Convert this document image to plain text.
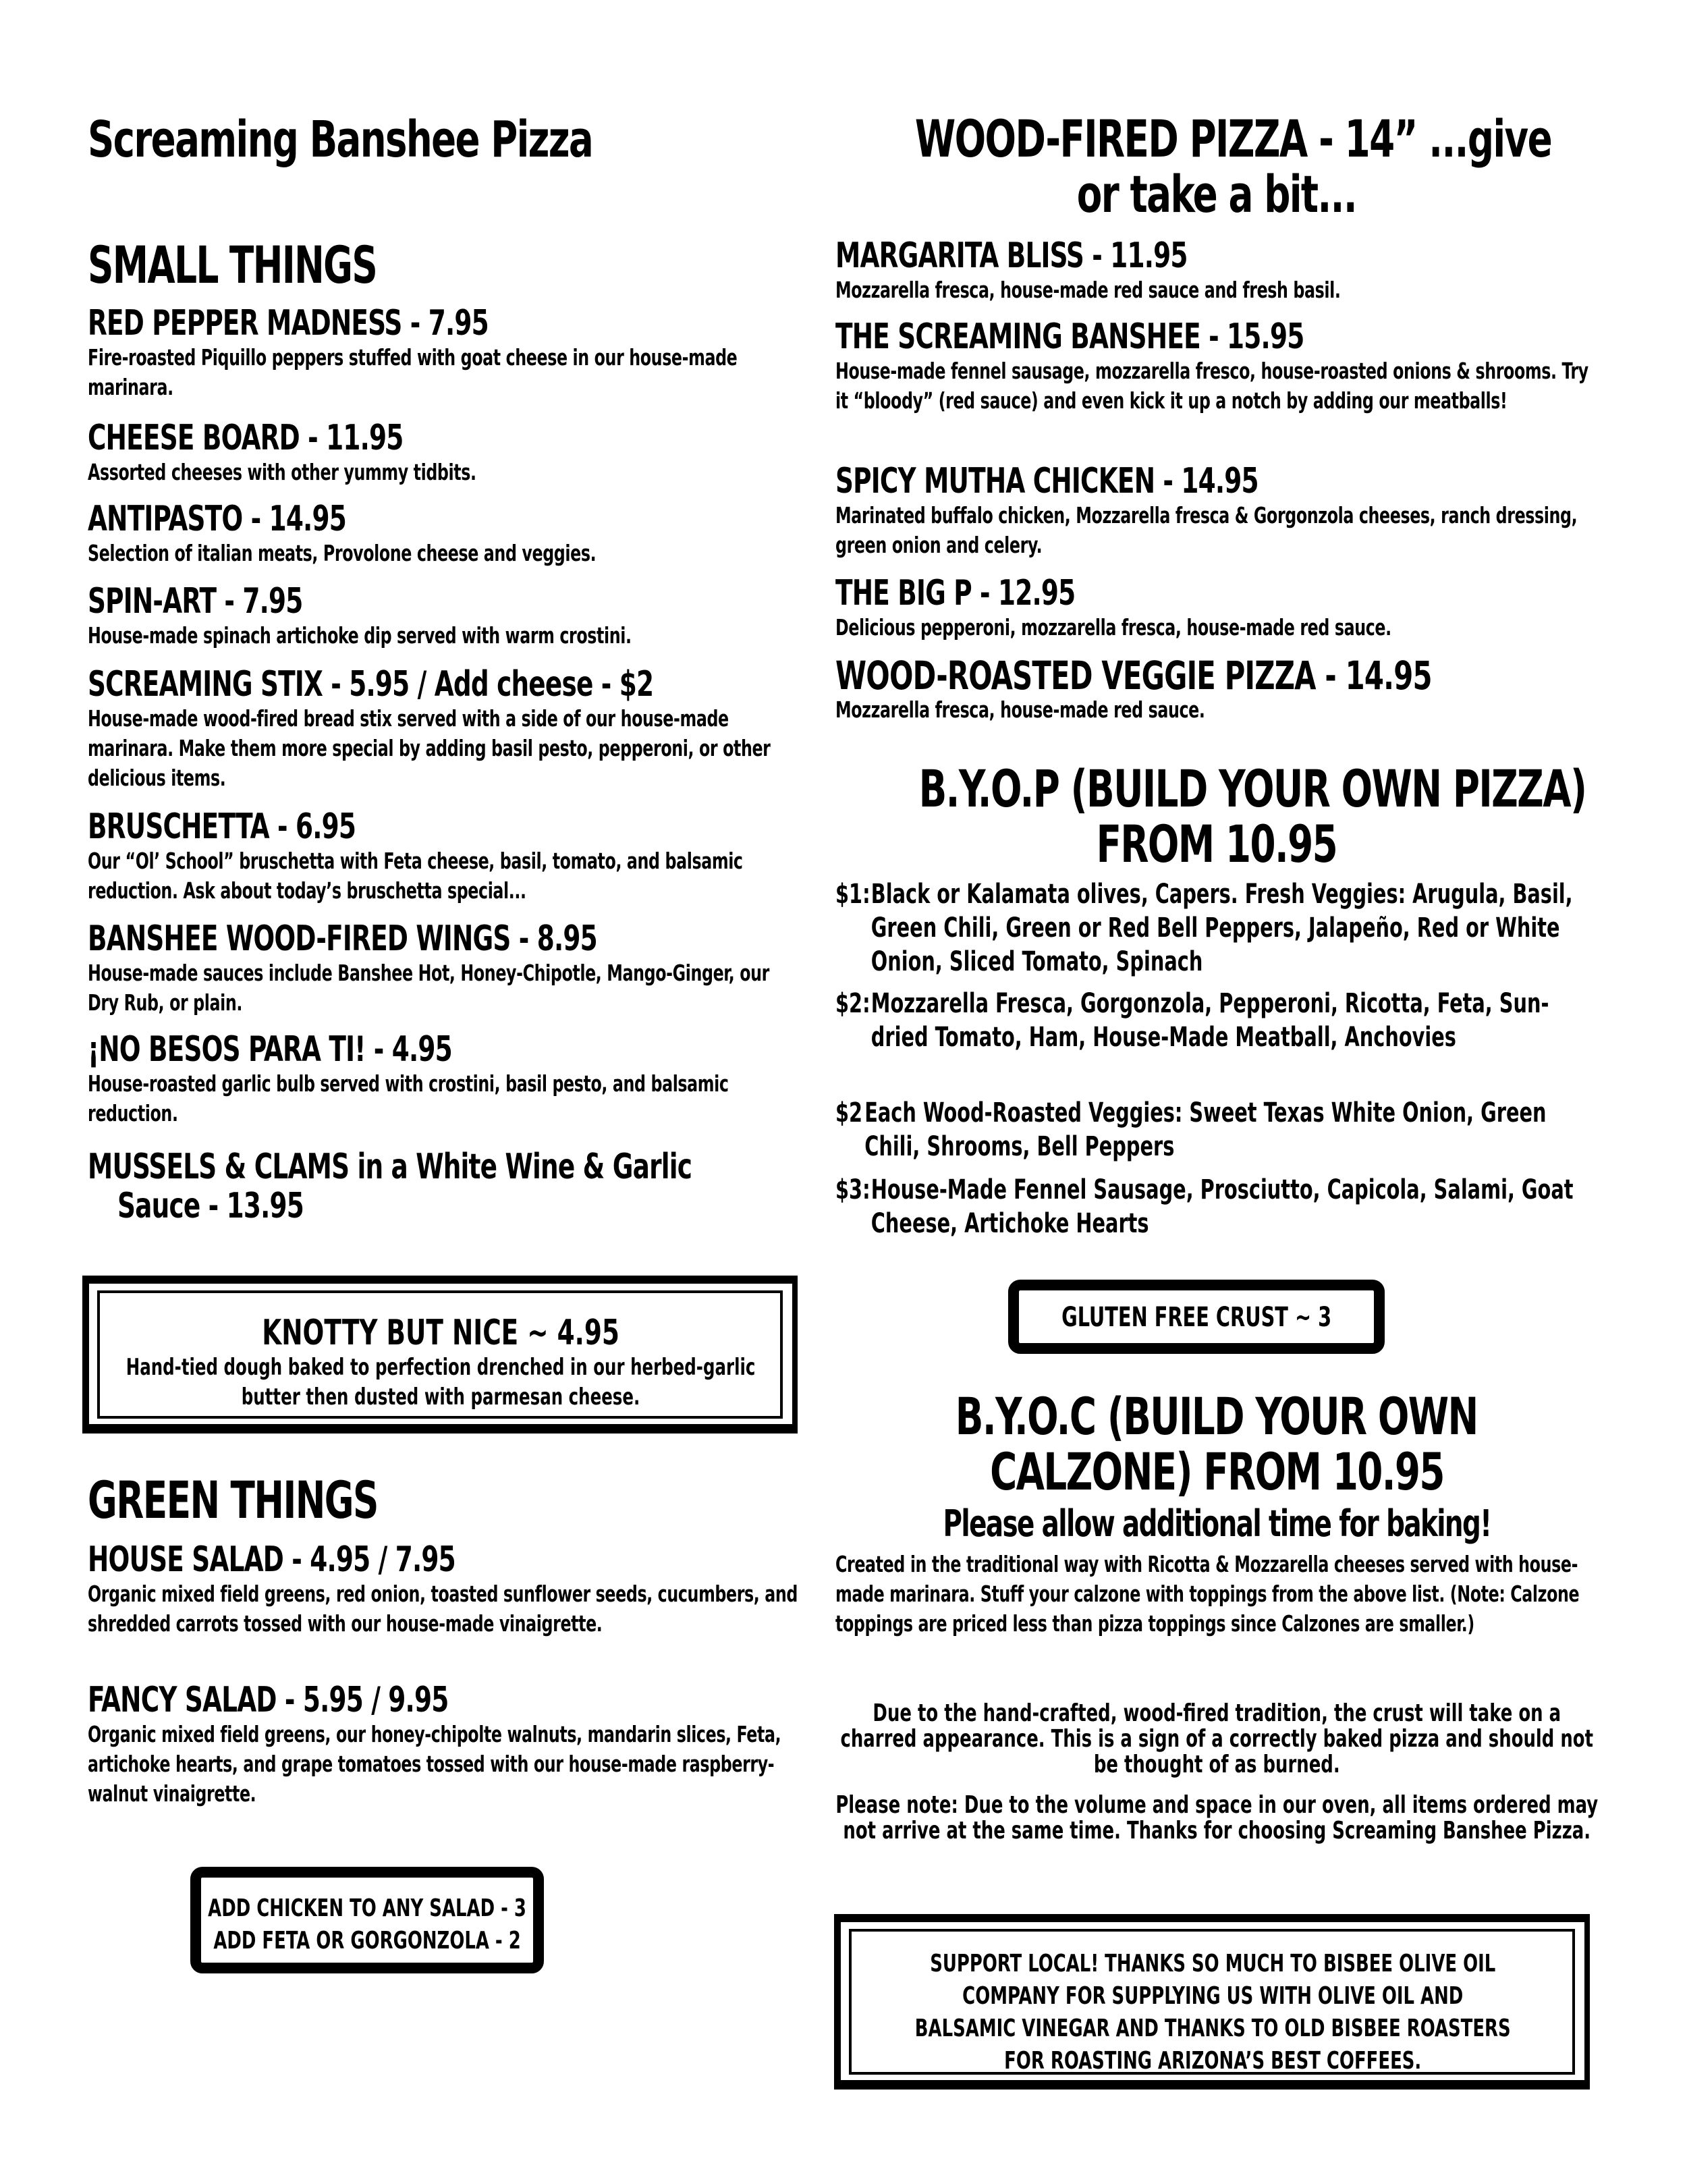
​
Screaming Banshee Pizza
SMALL THINGS
RED PEPPER MADNESS - 7.95
Fire-roasted Piquillo peppers stuffed with goat cheese in our house-made marinara.
CHEESE BOARD - 11.95
Assorted cheeses with other yummy tidbits.
ANTIPASTO - 14.95
Selection of italian meats, Provolone cheese and veggies.
SPIN-ART - 7.95
House-made spinach artichoke dip served with warm crostini.
SCREAMING STIX - 5.95 / Add cheese - $2
House-made wood-fired bread stix served with a side of our house-made marinara. Make them more special by adding basil pesto, pepperoni, or other delicious items.
BRUSCHETTA - 6.95
Our “Ol’ School” bruschetta with Feta cheese, basil, tomato, and balsamic reduction. Ask about today’s bruschetta special...
BANSHEE WOOD-FIRED WINGS - 8.95
House-made sauces include Banshee Hot, Honey-Chipotle, Mango-Ginger, our Dry Rub, or plain.
¡NO BESOS PARA TI! - 4.95
House-roasted garlic bulb served with crostini, basil pesto, and balsamic reduction.
MUSSELS & CLAMS in a White Wine & Garlic
Sauce - 13.95
KNOTTY BUT NICE ~ 4.95
Hand-tied dough baked to perfection drenched in our herbed-garlic butter then dusted with parmesan cheese.
GREEN THINGS
HOUSE SALAD - 4.95 / 7.95
Organic mixed field greens, red onion, toasted sunflower seeds, cucumbers, and shredded carrots tossed with our house-made vinaigrette.
FANCY SALAD - 5.95 / 9.95
Organic mixed field greens, our honey-chipolte walnuts, mandarin slices, Feta, artichoke hearts, and grape tomatoes tossed with our house-made raspberry-walnut vinaigrette.
ADD CHICKEN TO ANY SALAD - 3
ADD FETA OR GORGONZOLA - 2
WOOD-FIRED PIZZA - 14” ...give
or take a bit...
MARGARITA BLISS - 11.95
Mozzarella fresca, house-made red sauce and fresh basil.
THE SCREAMING BANSHEE - 15.95
House-made fennel sausage, mozzarella fresco, house-roasted onions & shrooms. Try it “bloody” (red sauce) and even kick it up a notch by adding our meatballs!
SPICY MUTHA CHICKEN - 14.95
Marinated buffalo chicken, Mozzarella fresca & Gorgonzola cheeses, ranch dressing, green onion and celery.
THE BIG P - 12.95
Delicious pepperoni, mozzarella fresca, house-made red sauce.
WOOD-ROASTED VEGGIE PIZZA - 14.95
Mozzarella fresca, house-made red sauce.
B.Y.O.P (BUILD YOUR OWN PIZZA)
FROM 10.95
$1: Black or Kalamata olives, Capers. Fresh Veggies: Arugula, Basil, Green Chili, Green or Red Bell Peppers, Jalapeño, Red or White Onion, Sliced Tomato, Spinach
$2: Mozzarella Fresca, Gorgonzola, Pepperoni, Ricotta, Feta, Sun-dried Tomato, Ham, House-Made Meatball, Anchovies
$2 Each Wood-Roasted Veggies: Sweet Texas White Onion, Green Chili, Shrooms, Bell Peppers
$3: House-Made Fennel Sausage, Prosciutto, Capicola, Salami, Goat Cheese, Artichoke Hearts
GLUTEN FREE CRUST ~ 3
B.Y.O.C (BUILD YOUR OWN
CALZONE) FROM 10.95
Please allow additional time for baking!
Created in the traditional way with Ricotta & Mozzarella cheeses served with house-made marinara. Stuff your calzone with toppings from the above list. (Note: Calzone toppings are priced less than pizza toppings since Calzones are smaller.)
Due to the hand-crafted, wood-fired tradition, the crust will take on a charred appearance. This is a sign of a correctly baked pizza and should not be thought of as burned.
Please note: Due to the volume and space in our oven, all items ordered may not arrive at the same time. Thanks for choosing Screaming Banshee Pizza.
SUPPORT LOCAL! THANKS SO MUCH TO BISBEE OLIVE OIL
COMPANY FOR SUPPLYING US WITH OLIVE OIL AND
BALSAMIC VINEGAR AND THANKS TO OLD BISBEE ROASTERS
FOR ROASTING ARIZONA’S BEST COFFEES.
